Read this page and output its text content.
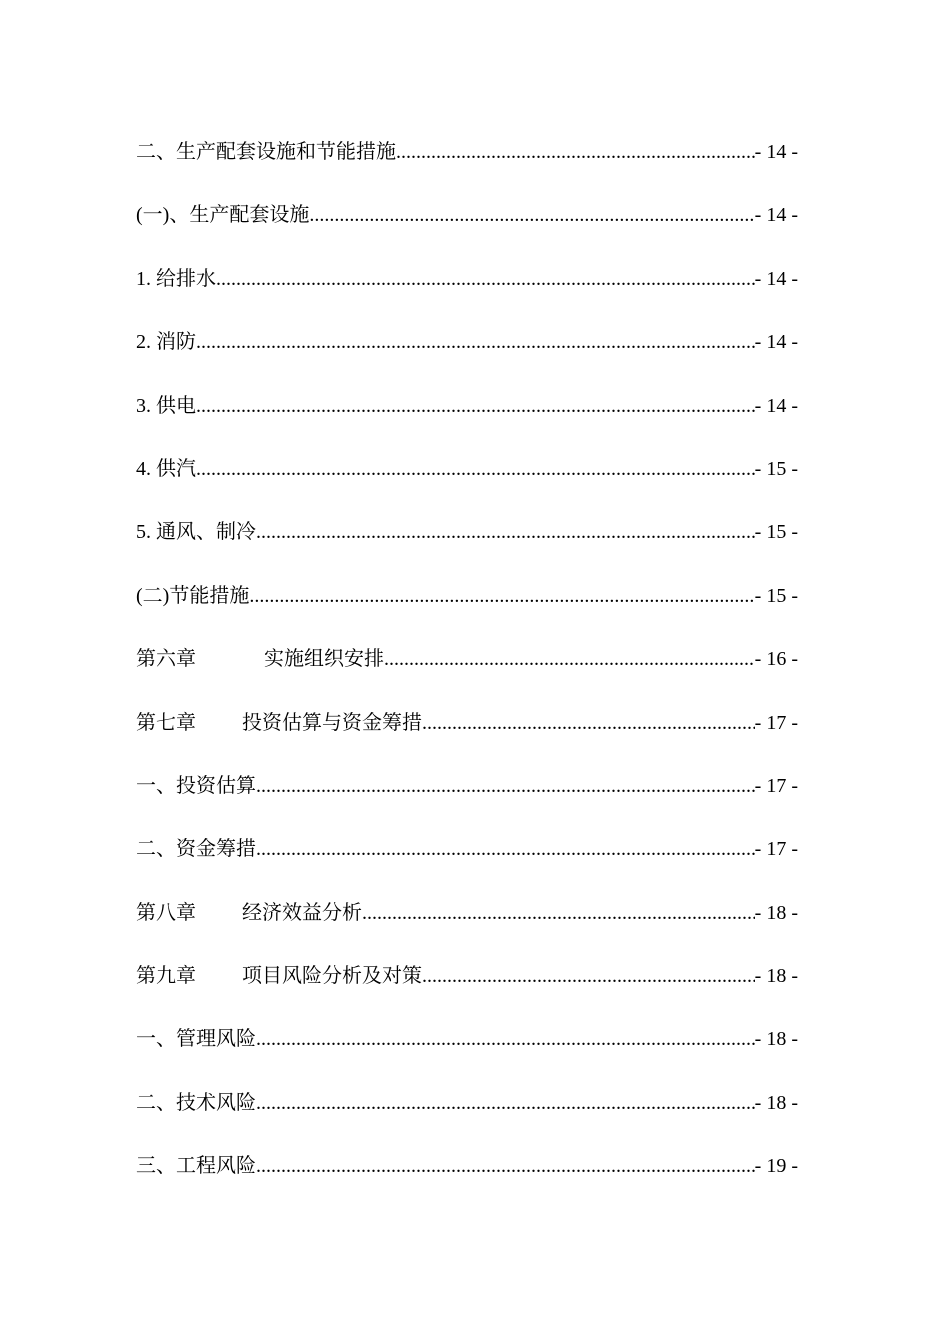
二、生产配套设施和节能措施 .....	- 14 -
(一)、生产配套设施 .....	- 14 -
1. 给排水 .....	- 14 -
2. 消防 .....	- 14 -
3. 供电 .....	- 14 -
4. 供汽 .....	- 15 -
5. 通风、制冷 .....	- 15 -
(二)节能措施 .....	- 15 -
第六章	实施组织安排 .....	- 16 -
第七章 投资估算与资金筹措 .....	- 17 -
一、投资估算 .....	- 17 -
二、资金筹措 .....	- 17 -
第八章 经济效益分析 .....	- 18 -
第九章 项目风险分析及对策 .....	- 18 -
一、管理风险 .....	- 18 -
二、技术风险 .....	- 18 -
三、工程风险 .....	- 19 -
